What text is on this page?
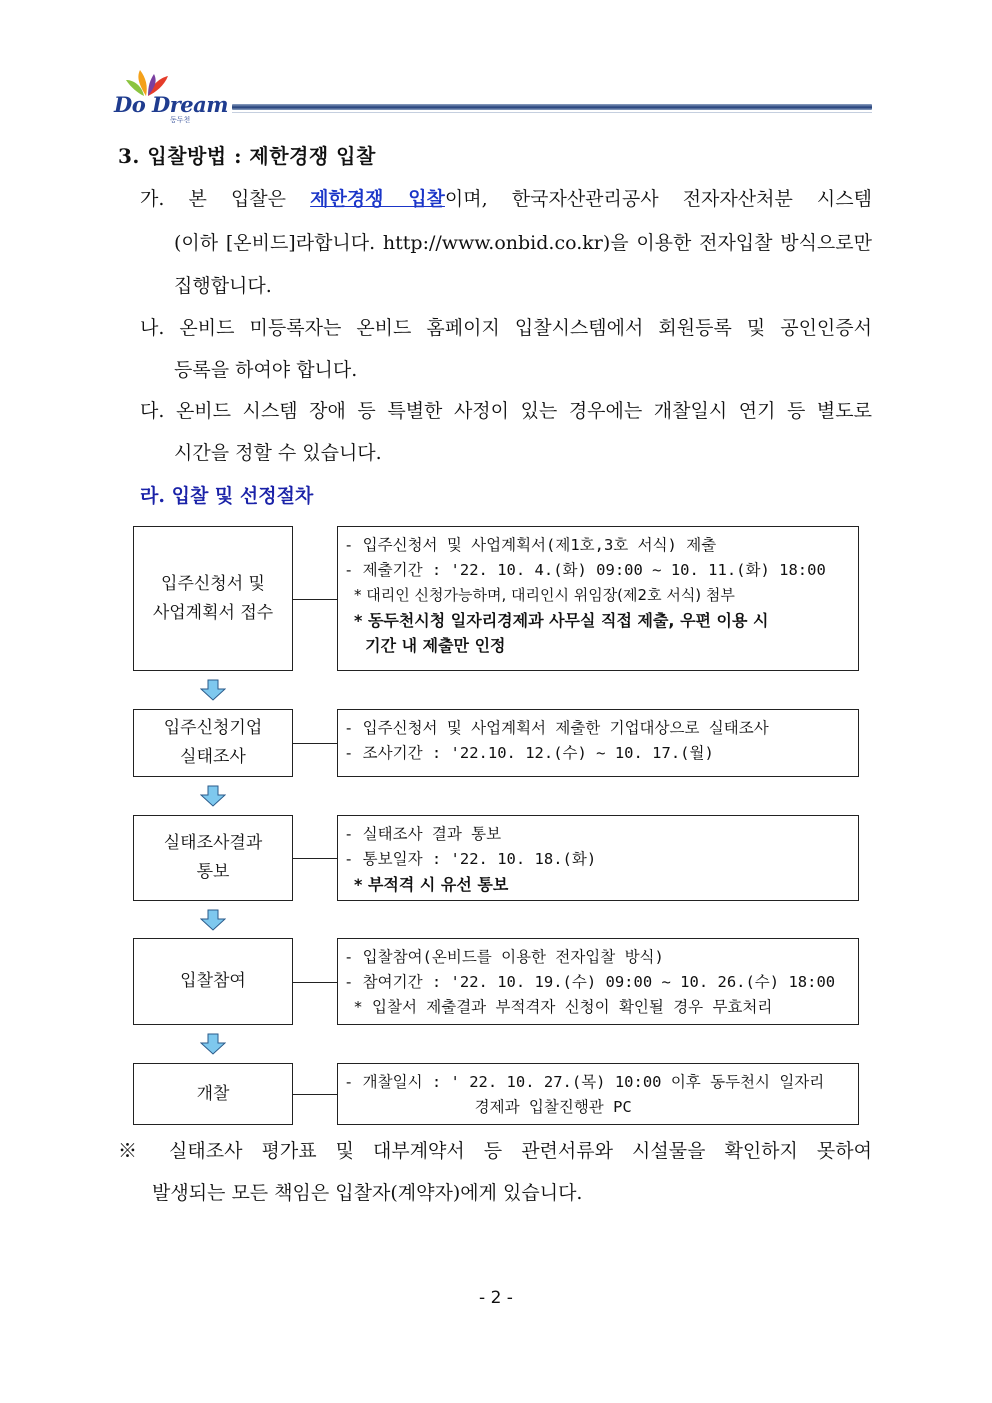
Do Dream
동두천
3. 입찰방법 : 제한경쟁 입찰
가. 본 입찰은 제한경쟁 입찰이며, 한국자산관리공사 전자자산처분 시스템
(이하 [온비드]라합니다. http://www.onbid.co.kr)을 이용한 전자입찰 방식으로만
집행합니다.
나. 온비드 미등록자는 온비드 홈페이지 입찰시스템에서 회원등록 및 공인인증서
등록을 하여야 합니다.
다. 온비드 시스템 장애 등 특별한 사정이 있는 경우에는 개찰일시 연기 등 별도로
시간을 정할 수 있습니다.
라. 입찰 및 선정절차
입주신청서 및
사업계획서 접수
- 입주신청서 및 사업계획서(제1호,3호 서식) 제출
- 제출기간 : '22. 10. 4.(화) 09:00 ~ 10. 11.(화) 18:00
* 대리인 신청가능하며, 대리인시 위임장(제2호 서식) 첨부
* 동두천시청 일자리경제과 사무실 직접 제출, 우편 이용 시
기간 내 제출만 인정
입주신청기업
실태조사
- 입주신청서 및 사업계획서 제출한 기업대상으로 실태조사
- 조사기간 : '22.10. 12.(수) ~ 10. 17.(월)
실태조사결과
통보
- 실태조사 결과 통보
- 통보일자 : '22. 10. 18.(화)
* 부적격 시 유선 통보
입찰참여
- 입찰참여(온비드를 이용한 전자입찰 방식)
- 참여기간 : '22. 10. 19.(수) 09:00 ~ 10. 26.(수) 18:00
* 입찰서 제출결과 부적격자 신청이 확인될 경우 무효처리
개찰
- 개찰일시 : ' 22. 10. 27.(목) 10:00 이후 동두천시 일자리
경제과 입찰진행관 PC
※ 실태조사 평가표 및 대부계약서 등 관련서류와 시설물을 확인하지 못하여
발생되는 모든 책임은 입찰자(계약자)에게 있습니다.
- 2 -
